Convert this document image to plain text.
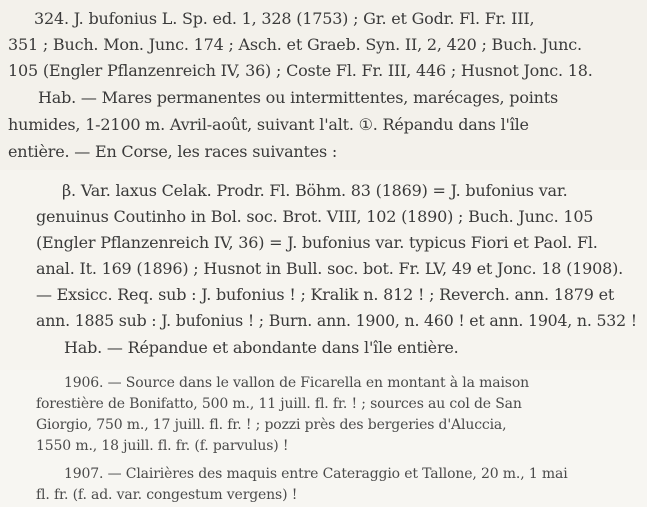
324. J. bufonius L. Sp. ed. 1, 328 (1753) ; Gr. et Godr. Fl. Fr. III,
351 ; Buch. Mon. Junc. 174 ; Asch. et Graeb. Syn. II, 2, 420 ; Buch. Junc.
105 (Engler Pflanzenreich IV, 36) ; Coste Fl. Fr. III, 446 ; Husnot Jonc. 18.
Hab. — Mares permanentes ou intermittentes, marécages, points
humides, 1-2100 m. Avril-août, suivant l'alt. ①. Répandu dans l'île
entière. — En Corse, les races suivantes :
β. Var. laxus Celak. Prodr. Fl. Böhm. 83 (1869) = J. bufonius var.
genuinus Coutinho in Bol. soc. Brot. VIII, 102 (1890) ; Buch. Junc. 105
(Engler Pflanzenreich IV, 36) = J. bufonius var. typicus Fiori et Paol. Fl.
anal. It. 169 (1896) ; Husnot in Bull. soc. bot. Fr. LV, 49 et Jonc. 18 (1908).
— Exsicc. Req. sub : J. bufonius ! ; Kralik n. 812 ! ; Reverch. ann. 1879 et
ann. 1885 sub : J. bufonius ! ; Burn. ann. 1900, n. 460 ! et ann. 1904, n. 532 !
Hab. — Répandue et abondante dans l'île entière.
1906. — Source dans le vallon de Ficarella en montant à la maison
forestière de Bonifatto, 500 m., 11 juill. fl. fr. ! ; sources au col de San
Giorgio, 750 m., 17 juill. fl. fr. ! ; pozzi près des bergeries d'Alucciа,
1550 m., 18 juill. fl. fr. (f. parvulus) !
1907. — Clairières des maquis entre Cateraggio et Tallone, 20 m., 1 mai
fl. fr. (f. ad. var. congestum vergens) !
